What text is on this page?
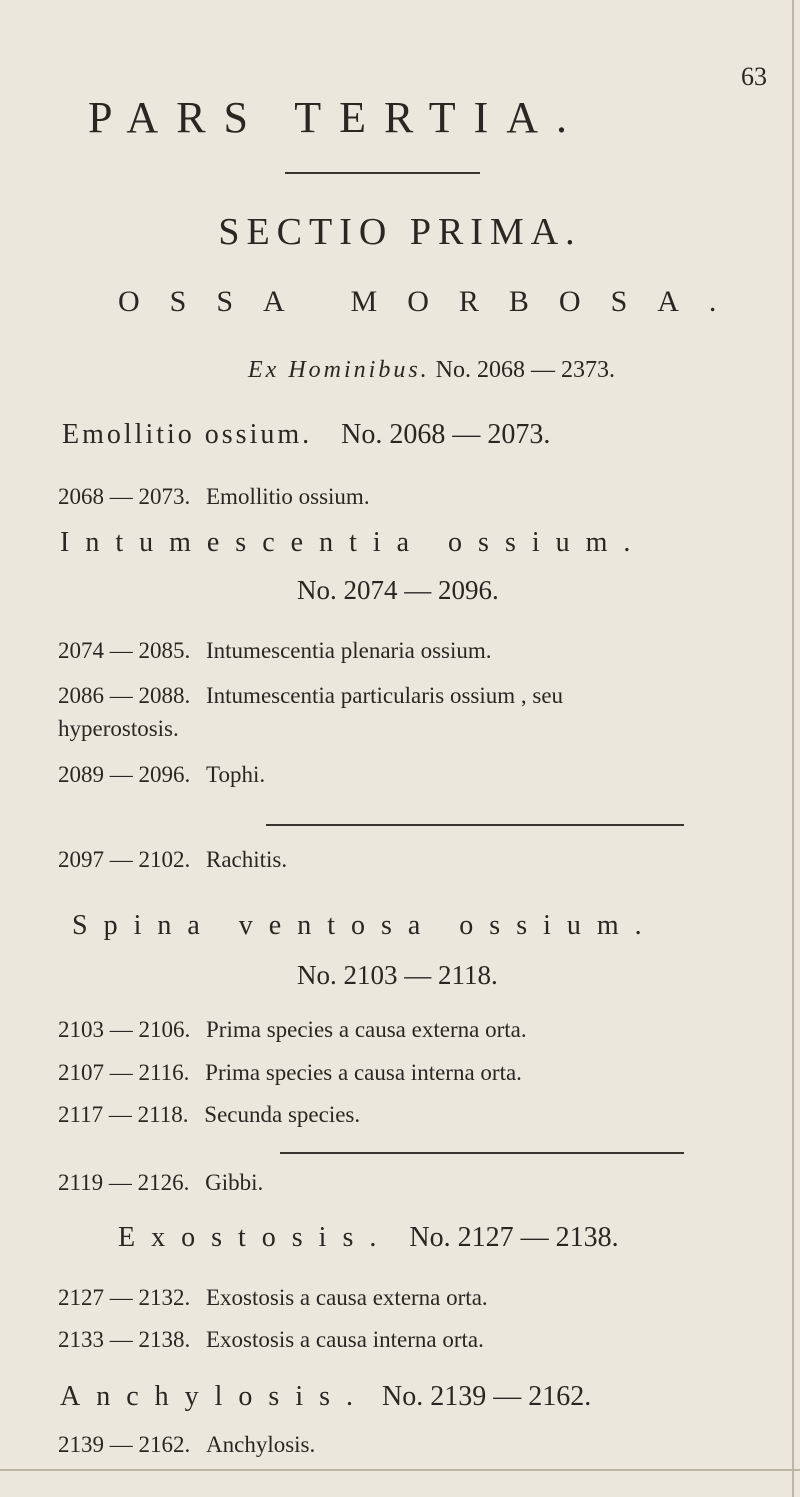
63
PARS TERTIA.
SECTIO PRIMA.
OSSA MORBOSA.
Ex Hominibus. No. 2068 — 2373.
Emollitio ossium. No. 2068 — 2073.
2068 — 2073. Emollitio ossium.
Intumescentia ossium.
No. 2074 — 2096.
2074 — 2085. Intumescentia plenaria ossium.
2086 — 2088. Intumescentia particularis ossium , seu
hyperostosis.
2089 — 2096. Tophi.
2097 — 2102. Rachitis.
Spina ventosa ossium.
No. 2103 — 2118.
2103 — 2106. Prima species a causa externa orta.
2107 — 2116. Prima species a causa interna orta.
2117 — 2118. Secunda species.
2119 — 2126. Gibbi.
Exostosis. No. 2127 — 2138.
2127 — 2132. Exostosis a causa externa orta.
2133 — 2138. Exostosis a causa interna orta.
Anchylosis. No. 2139 — 2162.
2139 — 2162. Anchylosis.
